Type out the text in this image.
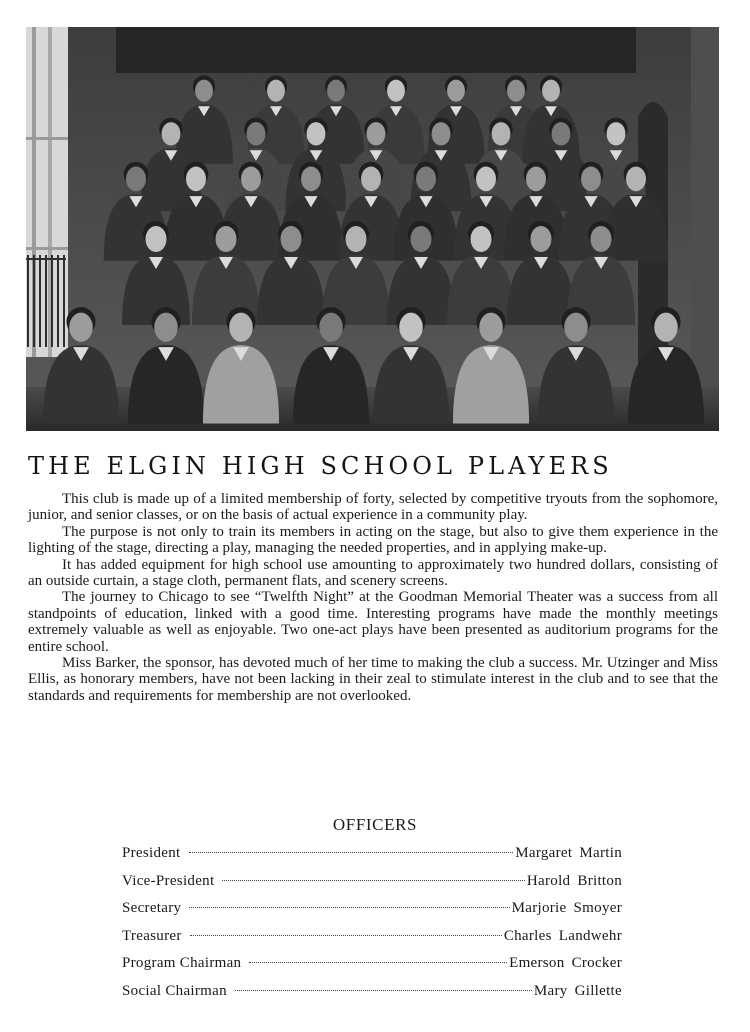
THE ELGIN HIGH SCHOOL PLAYERS

This club is made up of a limited membership of forty, selected by competitive tryouts from the sophomore, junior, and senior classes, or on the basis of actual experience in a community play.

The purpose is not only to train its members in acting on the stage, but also to give them experience in the lighting of the stage, directing a play, managing the needed properties, and in applying make-up.

It has added equipment for high school use amounting to approximately two hundred dollars, consisting of an outside curtain, a stage cloth, permanent flats, and scenery screens.

The journey to Chicago to see “Twelfth Night” at the Goodman Memorial Theater was a success from all standpoints of education, linked with a good time. Interesting programs have made the monthly meetings extremely valuable as well as enjoyable. Two one-act plays have been presented as auditorium programs for the entire school.

Miss Barker, the sponsor, has devoted much of her time to making the club a success. Mr. Utzinger and Miss Ellis, as honorary members, have not been lacking in their zeal to stimulate interest in the club and to see that the standards and requirements for membership are not overlooked.

OFFICERS
President	Margaret Martin
Vice-President	Harold Britton
Secretary	Marjorie Smoyer
Treasurer	Charles Landwehr
Program Chairman	Emerson Crocker
Social Chairman	Mary Gillette
